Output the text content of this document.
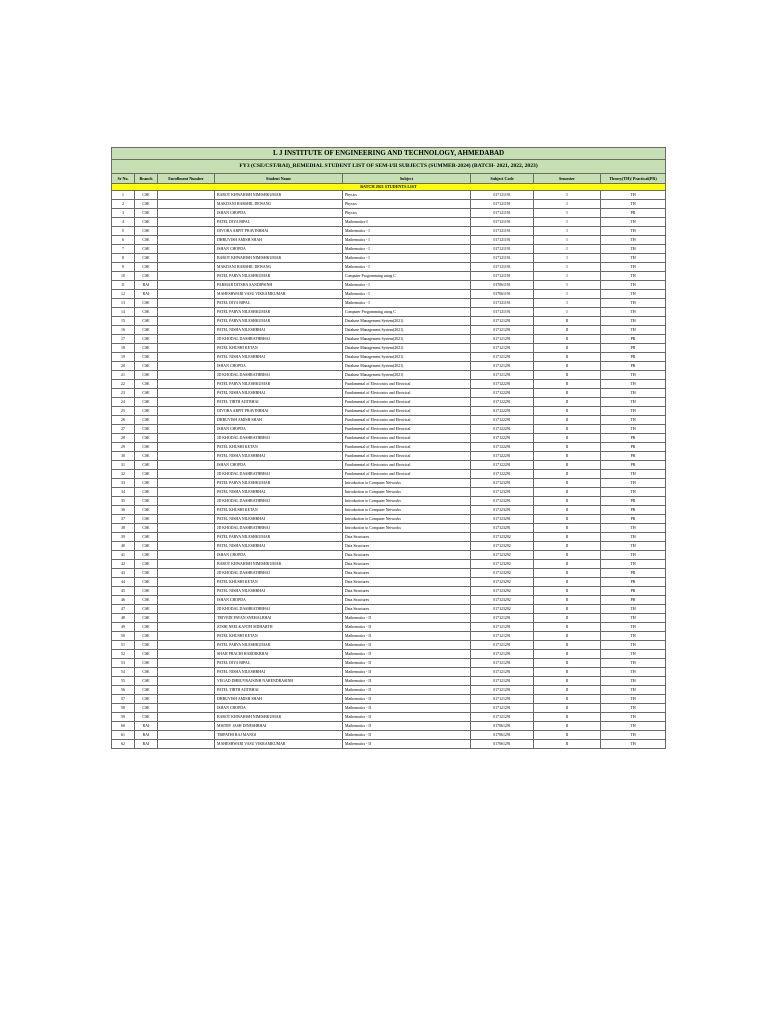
L J INSTITUTE OF ENGINEERING AND TECHNOLOGY, AHMEDABAD							
FY3 (CSE/CST/RAI)_REMEDIAL STUDENT LIST OF SEM-I/II SUBJECTS (SUMMER-2024) (BATCH- 2021, 2022, 2023)							
Sr No.	Branch	Enrollment Number	Student Name	Subject	Subject Code	Semester	Theory(TH)/ Practical(PR)
BATCH 2021 STUDENTS LIST							
1	CSE		BAROT KHWAHISH NIMISHKUMAR	Physics	017121191	I	TH
2	CSE		MAKDANI HARSHIL DEWANG	Physics	017121191	I	TH
3	CSE		ISHAN CHOPDA	Physics	017121191	I	PR
4	CSE		PATEL DIYA BIPAL	Mathematics-I	017121191	I	TH
5	CSE		DIVORA ARPIT PRAVINBHAI	Mathematics - I	017121191	I	TH
6	CSE		DHRUVISH AMISH SHAH	Mathematics - I	017121191	I	TH
7	CSE		ISHAN CHOPDA	Mathematics - I	017121191	I	TH
8	CSE		BAROT KHWAHISH NIMISHKUMAR	Mathematics - I	017121191	I	TH
9	CSE		MAKDANI HARSHIL DEWANG	Mathematics - I	017121191	I	TH
10	CSE		PATEL PARVA NILESHKUMAR	Computer Programming using C	017121191	I	TH
11	RAI		PARMAR DITSHA SANDIPSINH	Mathematics - I	017061191	I	TH
12	RAI		MAHESHWARI VASU VIKRAMKUMAR	Mathematics - I	017061191	I	TH
13	CSE		PATEL DIYA BIPAL	Mathematics - I	017121191	I	TH
14	CSE		PATEL PARVA NILESHKUMAR	Computer Programming using C	017121191	I	TH
15	CSE		PATEL PARVA NILESHKUMAR	Database Management System(2021)	017121291	II	TH
16	CSE		PATEL NISHA NILESHBHAI	Database Management System(2021)	017121291	II	TH
17	CSE		JD KHODAL DASHRATHBHAI	Database Management System(2021)	017121291	II	PR
18	CSE		PATEL KHUSHI KETAN	Database Management System(2021)	017121291	II	PR
19	CSE		PATEL NISHA NILESHBHAI	Database Management System(2021)	017121291	II	PR
20	CSE		ISHAN CHOPDA	Database Management System(2021)	017121291	II	PR
21	CSE		JD KHODAL DASHRATHBHAI	Database Management System(2021)	017121291	II	TH
22	CSE		PATEL PARVA NILESHKUMAR	Fundamental of Electronics and Electrical	017122291	II	TH
23	CSE		PATEL NISHA NILESHBHAI	Fundamental of Electronics and Electrical	017122291	II	TH
24	CSE		PATEL TIRTH AJITBHAI	Fundamental of Electronics and Electrical	017122291	II	TH
25	CSE		DIVORA ARPIT PRAVINBHAI	Fundamental of Electronics and Electrical	017122291	II	TH
26	CSE		DHRUVISH AMISH SHAH	Fundamental of Electronics and Electrical	017122291	II	TH
27	CSE		ISHAN CHOPDA	Fundamental of Electronics and Electrical	017122291	II	TH
28	CSE		JD KHODAL DASHRATHBHAI	Fundamental of Electronics and Electrical	017122291	II	PR
29	CSE		PATEL KHUSHI KETAN	Fundamental of Electronics and Electrical	017122291	II	PR
30	CSE		PATEL NISHA NILESHBHAI	Fundamental of Electronics and Electrical	017122291	II	PR
31	CSE		ISHAN CHOPDA	Fundamental of Electronics and Electrical	017122291	II	PR
32	CSE		JD KHODAL DASHRATHBHAI	Fundamental of Electronics and Electrical	017122291	II	TH
33	CSE		PATEL PARVA NILESHKUMAR	Introduction to Computer Networks	017123291	II	TH
34	CSE		PATEL NISHA NILESHBHAI	Introduction to Computer Networks	017123291	II	TH
35	CSE		JD KHODAL DASHRATHBHAI	Introduction to Computer Networks	017123291	II	PR
36	CSE		PATEL KHUSHI KETAN	Introduction to Computer Networks	017123291	II	PR
37	CSE		PATEL NISHA NILESHBHAI	Introduction to Computer Networks	017123291	II	PR
38	CSE		JD KHODAL DASHRATHBHAI	Introduction to Computer Networks	017123291	II	TH
39	CSE		PATEL PARVA NILESHKUMAR	Data Structures	017123292	II	TH
40	CSE		PATEL NISHA NILESHBHAI	Data Structures	017123292	II	TH
41	CSE		ISHAN CHOPDA	Data Structures	017123292	II	TH
42	CSE		BAROT KHWAHISH NIMISHKUMAR	Data Structures	017123292	II	TH
43	CSE		JD KHODAL DASHRATHBHAI	Data Structures	017123292	II	PR
44	CSE		PATEL KHUSHI KETAN	Data Structures	017123292	II	PR
45	CSE		PATEL NISHA NILESHBHAI	Data Structures	017123292	II	PR
46	CSE		ISHAN CHOPDA	Data Structures	017123292	II	PR
47	CSE		JD KHODAL DASHRATHBHAI	Data Structures	017123292	II	TH
48	CSE		TRIVEDI PAVAN SNEHALBHAI	Mathematics - II	017121291	II	TH
49	CSE		JOSHI NEELKANTH SIDHARTH	Mathematics - II	017121291	II	TH
50	CSE		PATEL KHUSHI KETAN	Mathematics - II	017121291	II	TH
51	CSE		PATEL PARVA NILESHKUMAR	Mathematics - II	017121291	II	TH
52	CSE		SHAH PRACHI HARDIKBHAI	Mathematics - II	017121291	II	TH
53	CSE		PATEL DIYA BIPAL	Mathematics - II	017121291	II	TH
54	CSE		PATEL NISHA NILESHBHAI	Mathematics - II	017121291	II	TH
55	CSE		VEGAD DHRUVRAJSINH NARENDRASINH	Mathematics - II	017121291	II	TH
56	CSE		PATEL TIRTH AJITBHAI	Mathematics - II	017121291	II	TH
57	CSE		DHRUVISH AMISH SHAH	Mathematics - II	017121291	II	TH
58	CSE		ISHAN CHOPDA	Mathematics - II	017121291	II	TH
59	CSE		BAROT KHWAHISH NIMISHKUMAR	Mathematics - II	017121291	II	TH
60	RAI		MISTRY JASH DINESHBHAI	Mathematics - II	017061291	II	TH
61	RAI		TRIPATHI RAJ MANOJ	Mathematics - II	017061291	II	TH
62	RAI		MAHESHWARI VASU VIKRAMKUMAR	Mathematics - II	017061291	II	TH
